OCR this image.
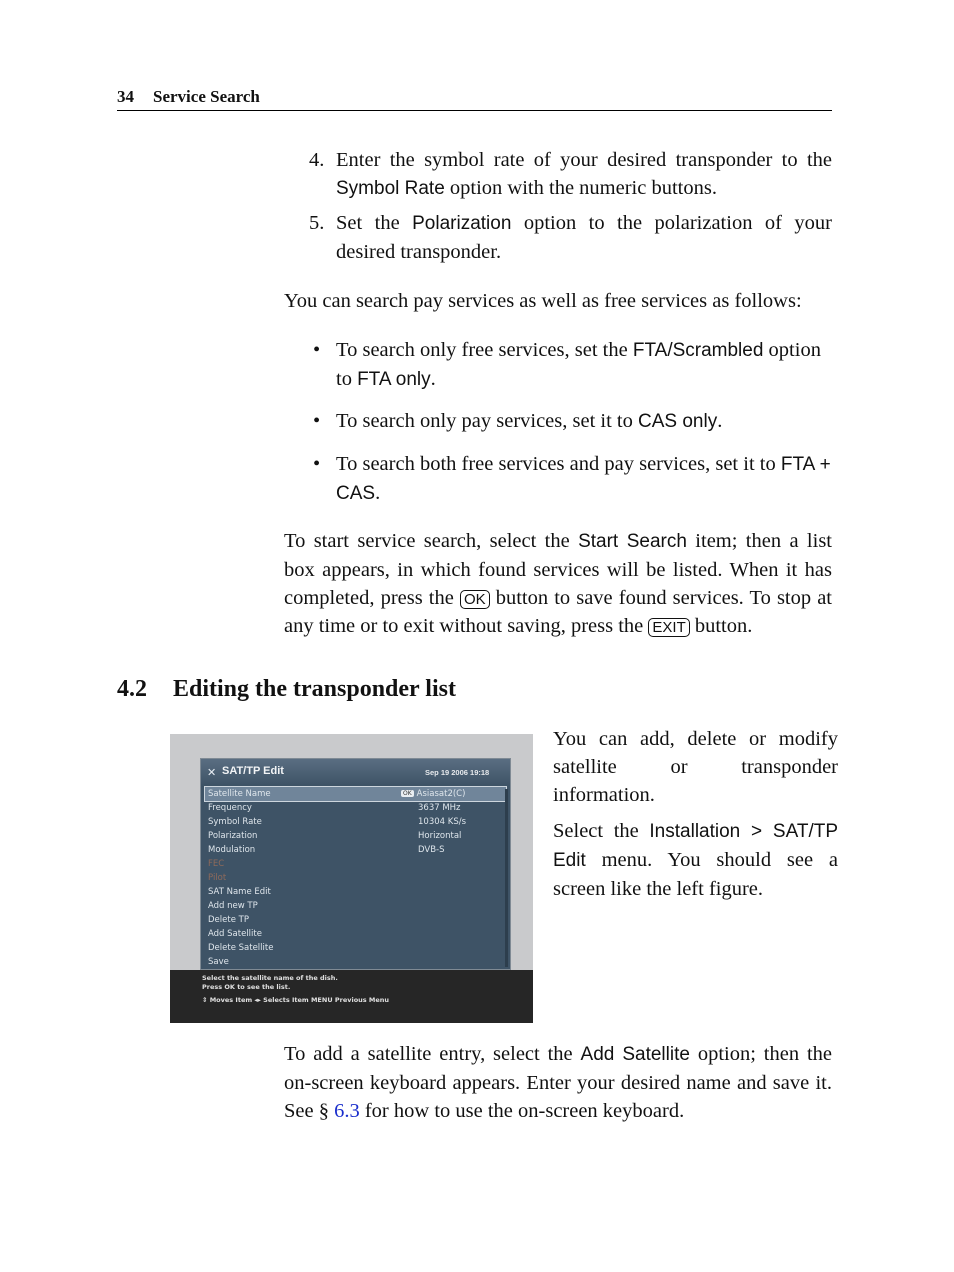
34 Service Search
4. Enter the symbol rate of your desired transponder to the Symbol Rate option with the numeric buttons.
5. Set the Polarization option to the polarization of your desired transponder.
You can search pay services as well as free services as follows:
• To search only free services, set the FTA/Scrambled option to FTA only.
• To search only pay services, set it to CAS only.
• To search both free services and pay services, set it to FTA + CAS.
To start service search, select the Start Search item; then a list box appears, in which found services will be listed. When it has completed, press the OK button to save found services. To stop at any time or to exit without saving, press the EXIT button.
4.2 Editing the transponder list
You can add, delete or modify satellite or transponder information.
Select the Installation > SAT/TP Edit menu. You should see a screen like the left figure.
✕ SAT/TP Edit	Sep 19 2006 19:18
Satellite Name	OK Asiasat2(C)
Frequency	3637 MHz
Symbol Rate	10304 KS/s
Polarization	Horizontal
Modulation	DVB-S
FEC
Pilot
SAT Name Edit
Add new TP
Delete TP
Add Satellite
Delete Satellite
Save
Select the satellite name of the dish.
Press OK to see the list.
⇕ Moves Item ◂▸ Selects Item MENU Previous Menu
To add a satellite entry, select the Add Satellite option; then the on-screen keyboard appears. Enter your desired name and save it. See § 6.3 for how to use the on-screen keyboard.
